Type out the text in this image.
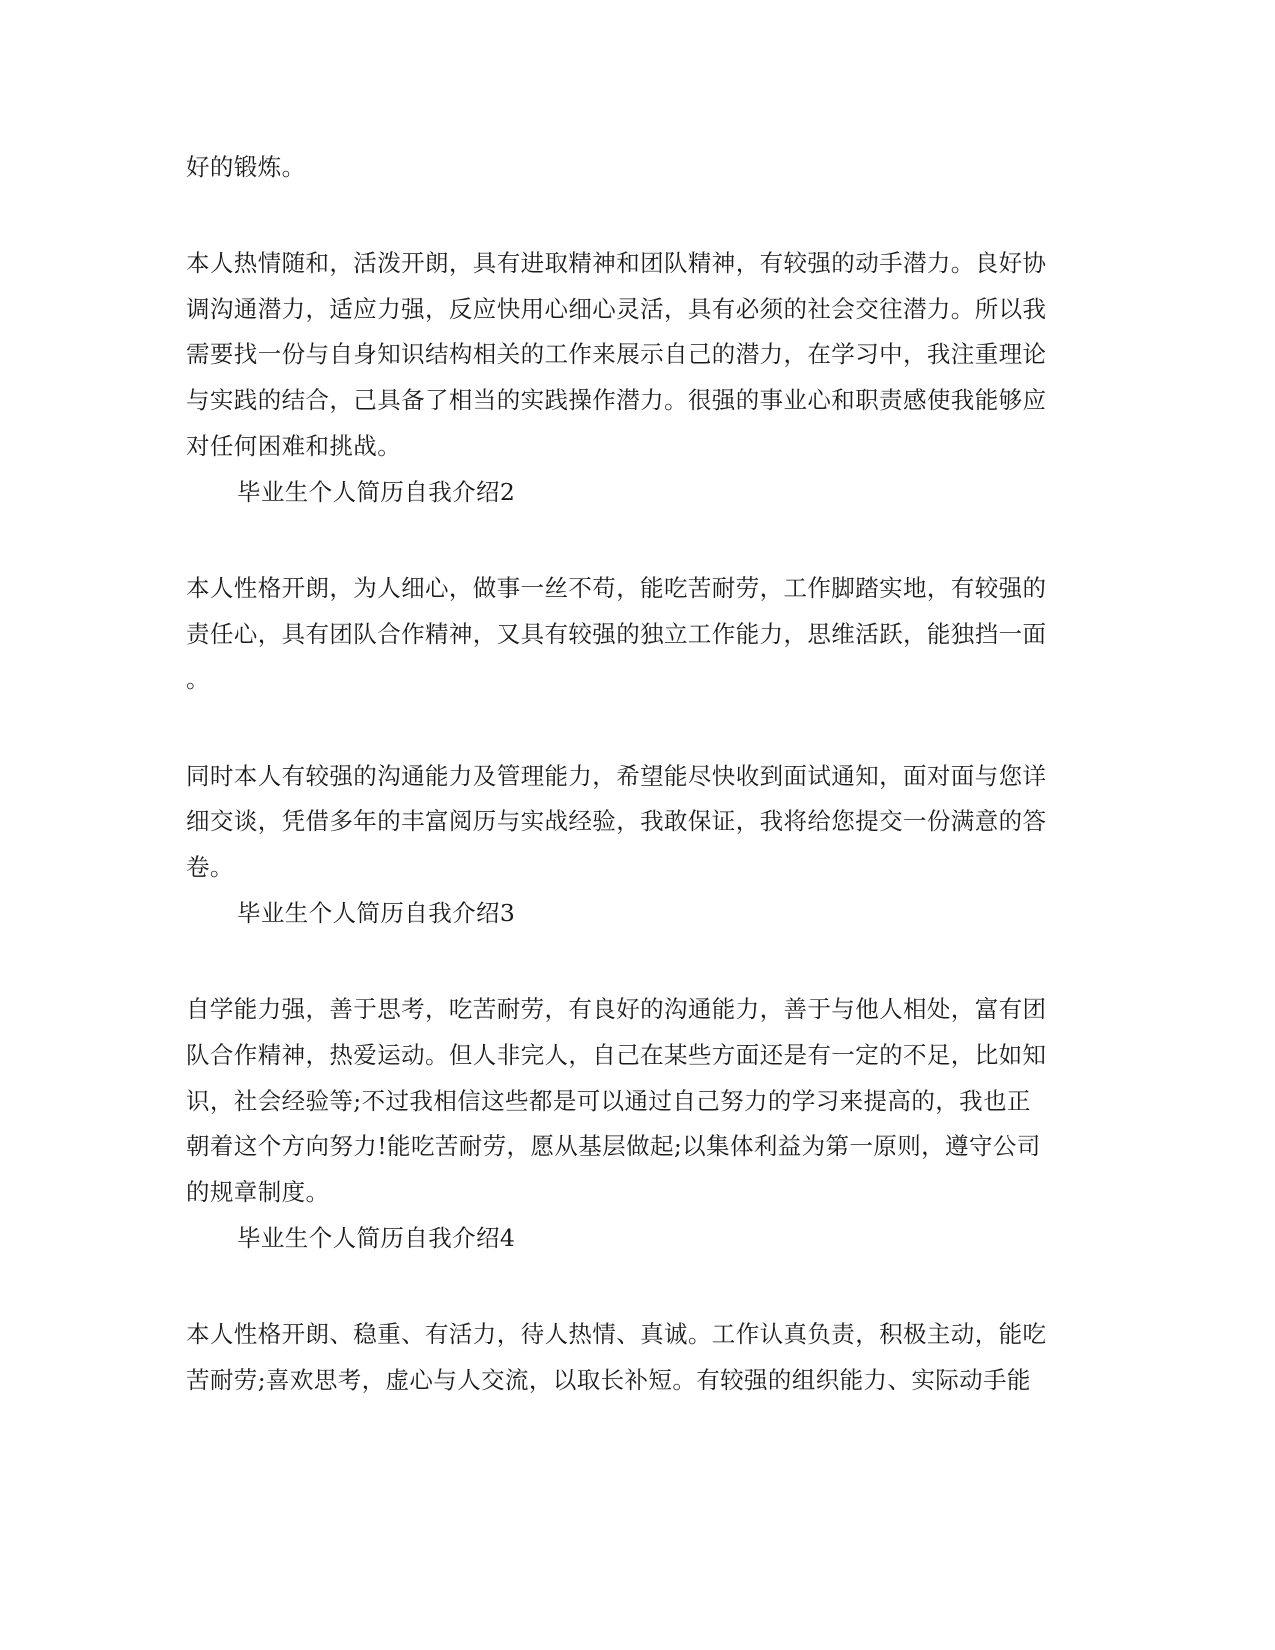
好的锻炼。
本人热情随和，活泼开朗，具有进取精神和团队精神，有较强的动手潜力。良好协
调沟通潜力，适应力强，反应快用心细心灵活，具有必须的社会交往潜力。所以我
需要找一份与自身知识结构相关的工作来展示自己的潜力，在学习中，我注重理论
与实践的结合，己具备了相当的实践操作潜力。很强的事业心和职责感使我能够应
对任何困难和挑战。
毕业生个人简历自我介绍2
本人性格开朗，为人细心，做事一丝不苟，能吃苦耐劳，工作脚踏实地，有较强的
责任心，具有团队合作精神，又具有较强的独立工作能力，思维活跃，能独挡一面
。
同时本人有较强的沟通能力及管理能力，希望能尽快收到面试通知，面对面与您详
细交谈，凭借多年的丰富阅历与实战经验，我敢保证，我将给您提交一份满意的答
卷。
毕业生个人简历自我介绍3
自学能力强，善于思考，吃苦耐劳，有良好的沟通能力，善于与他人相处，富有团
队合作精神，热爱运动。但人非完人，自己在某些方面还是有一定的不足，比如知
识，社会经验等;不过我相信这些都是可以通过自己努力的学习来提高的，我也正
朝着这个方向努力!能吃苦耐劳，愿从基层做起;以集体利益为第一原则，遵守公司
的规章制度。
毕业生个人简历自我介绍4
本人性格开朗、稳重、有活力，待人热情、真诚。工作认真负责，积极主动，能吃
苦耐劳;喜欢思考，虚心与人交流，以取长补短。有较强的组织能力、实际动手能
